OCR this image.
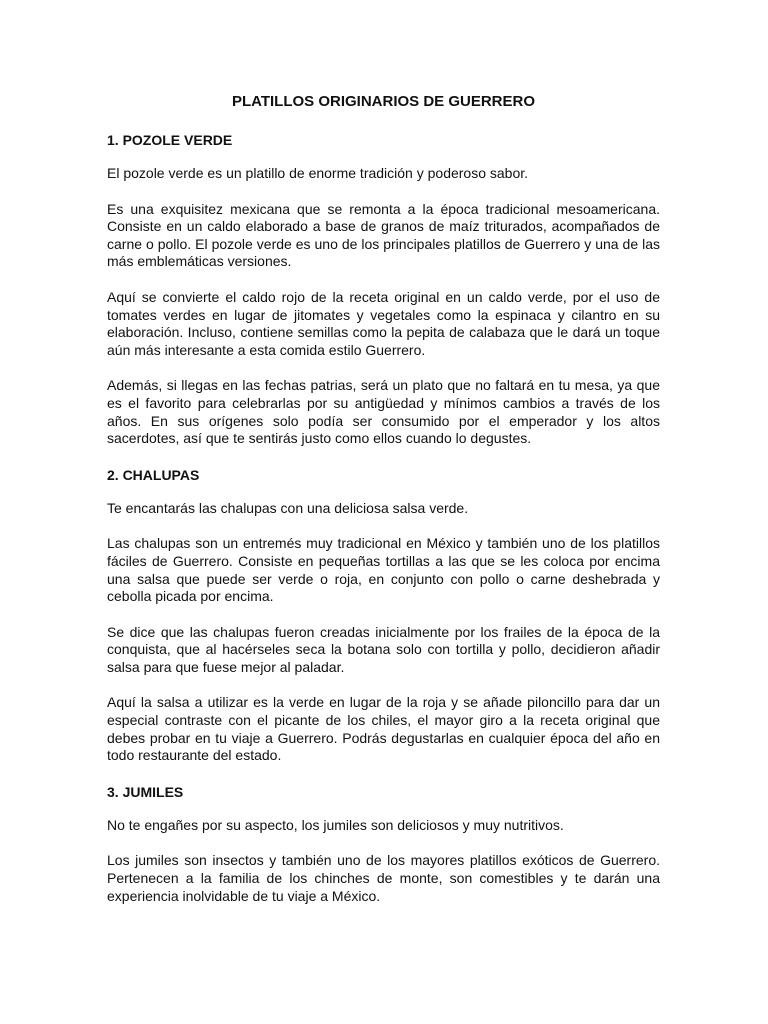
PLATILLOS ORIGINARIOS DE GUERRERO
1. POZOLE VERDE

El pozole verde es un platillo de enorme tradición y poderoso sabor.

Es una exquisitez mexicana que se remonta a la época tradicional mesoamericana. Consiste en un caldo elaborado a base de granos de maíz triturados, acompañados de carne o pollo. El pozole verde es uno de los principales platillos de Guerrero y una de las más emblemáticas versiones.

Aquí se convierte el caldo rojo de la receta original en un caldo verde, por el uso de tomates verdes en lugar de jitomates y vegetales como la espinaca y cilantro en su elaboración. Incluso, contiene semillas como la pepita de calabaza que le dará un toque aún más interesante a esta comida estilo Guerrero.

Además, si llegas en las fechas patrias, será un plato que no faltará en tu mesa, ya que es el favorito para celebrarlas por su antigüedad y mínimos cambios a través de los años. En sus orígenes solo podía ser consumido por el emperador y los altos sacerdotes, así que te sentirás justo como ellos cuando lo degustes.

2. CHALUPAS

Te encantarás las chalupas con una deliciosa salsa verde.

Las chalupas son un entremés muy tradicional en México y también uno de los platillos fáciles de Guerrero. Consiste en pequeñas tortillas a las que se les coloca por encima una salsa que puede ser verde o roja, en conjunto con pollo o carne deshebrada y cebolla picada por encima.

Se dice que las chalupas fueron creadas inicialmente por los frailes de la época de la conquista, que al hacérseles seca la botana solo con tortilla y pollo, decidieron añadir salsa para que fuese mejor al paladar.

Aquí la salsa a utilizar es la verde en lugar de la roja y se añade piloncillo para dar un especial contraste con el picante de los chiles, el mayor giro a la receta original que debes probar en tu viaje a Guerrero. Podrás degustarlas en cualquier época del año en todo restaurante del estado.

3. JUMILES

No te engañes por su aspecto, los jumiles son deliciosos y muy nutritivos.

Los jumiles son insectos y también uno de los mayores platillos exóticos de Guerrero. Pertenecen a la familia de los chinches de monte, son comestibles y te darán una experiencia inolvidable de tu viaje a México.
